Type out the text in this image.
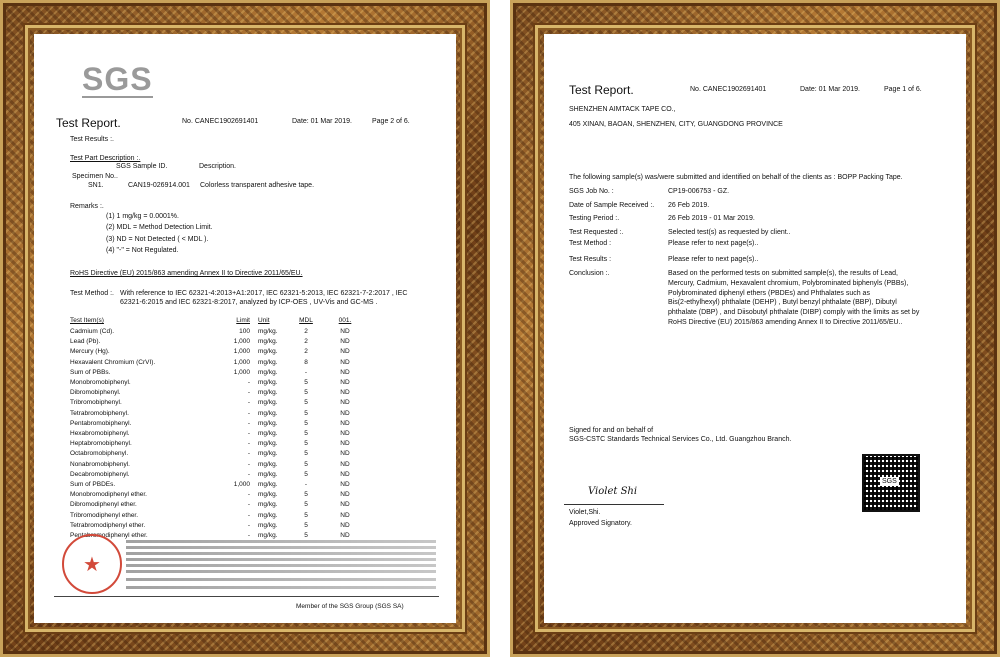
SGS
Test Report.	No. CANEC1902691401	Date: 01 Mar 2019.	Page 2 of 6.
Test Results :.
Test Part Description :.
SGS Sample ID.	Description.
Specimen No..
SN1.	CAN19-026914.001 Colorless transparent adhesive tape.
Remarks :.
(1) 1 mg/kg = 0.0001%.
(2) MDL = Method Detection Limit.
(3) ND = Not Detected ( < MDL ).
(4) "-" = Not Regulated.
RoHS Directive (EU) 2015/863 amending Annex II to Directive 2011/65/EU.
Test Method :. With reference to IEC 62321-4:2013+A1:2017, IEC 62321-5:2013, IEC 62321-7-2:2017 , IEC
62321-6:2015 and IEC 62321-8:2017, analyzed by ICP-OES , UV-Vis and GC-MS .
Test Item(s)	Limit Unit	MDL	001.
Cadmium (Cd).	100 mg/kg.	2	ND
Lead (Pb).	1,000 mg/kg.	2	ND
Mercury (Hg).	1,000 mg/kg.	2	ND
Hexavalent Chromium (CrVI).	1,000 mg/kg.	8	ND
Sum of PBBs.	1,000 mg/kg.	-	ND
Monobromobiphenyl.	- mg/kg.	5	ND
Dibromobiphenyl.	- mg/kg.	5	ND
Tribromobiphenyl.	- mg/kg.	5	ND
Tetrabromobiphenyl.	- mg/kg.	5	ND
Pentabromobiphenyl.	- mg/kg.	5	ND
Hexabromobiphenyl.	- mg/kg.	5	ND
Heptabromobiphenyl.	- mg/kg.	5	ND
Octabromobiphenyl.	- mg/kg.	5	ND
Nonabromobiphenyl.	- mg/kg.	5	ND
Decabromobiphenyl.	- mg/kg.	5	ND
Sum of PBDEs.	1,000 mg/kg.	-	ND
Monobromodiphenyl ether.	- mg/kg.	5	ND
Dibromodiphenyl ether.	- mg/kg.	5	ND
Tribromodiphenyl ether.	- mg/kg.	5	ND
Tetrabromodiphenyl ether.	- mg/kg.	5	ND
Pentabromodiphenyl ether.	- mg/kg.	5	ND
★
Member of the SGS Group (SGS SA)
Test Report.	No. CANEC1902691401	Date: 01 Mar 2019.	Page 1 of 6.
SHENZHEN AIMTACK TAPE CO.,
405 XINAN, BAOAN, SHENZHEN, CITY, GUANGDONG PROVINCE
The following sample(s) was/were submitted and identified on behalf of the clients as : BOPP Packing Tape.
SGS Job No. :	CP19-006753 - GZ.
Date of Sample Received :. 26 Feb 2019.
Testing Period :.	26 Feb 2019 - 01 Mar 2019.
Test Requested :.	Selected test(s) as requested by client..
Test Method :	Please refer to next page(s)..
Test Results :	Please refer to next page(s)..
Conclusion :.	Based on the performed tests on submitted sample(s), the results of Lead,
Mercury, Cadmium, Hexavalent chromium, Polybrominated biphenyls (PBBs),
Polybrominated diphenyl ethers (PBDEs) and Phthalates such as
Bis(2-ethylhexyl) phthalate (DEHP) , Butyl benzyl phthalate (BBP), Dibutyl
phthalate (DBP) , and Diisobutyl phthalate (DIBP) comply with the limits as set by
RoHS Directive (EU) 2015/863 amending Annex II to Directive 2011/65/EU..
Signed for and on behalf of
SGS-CSTC Standards Technical Services Co., Ltd. Guangzhou Branch.
SGS
Violet Shi
Violet,Shi.
Approved Signatory.
